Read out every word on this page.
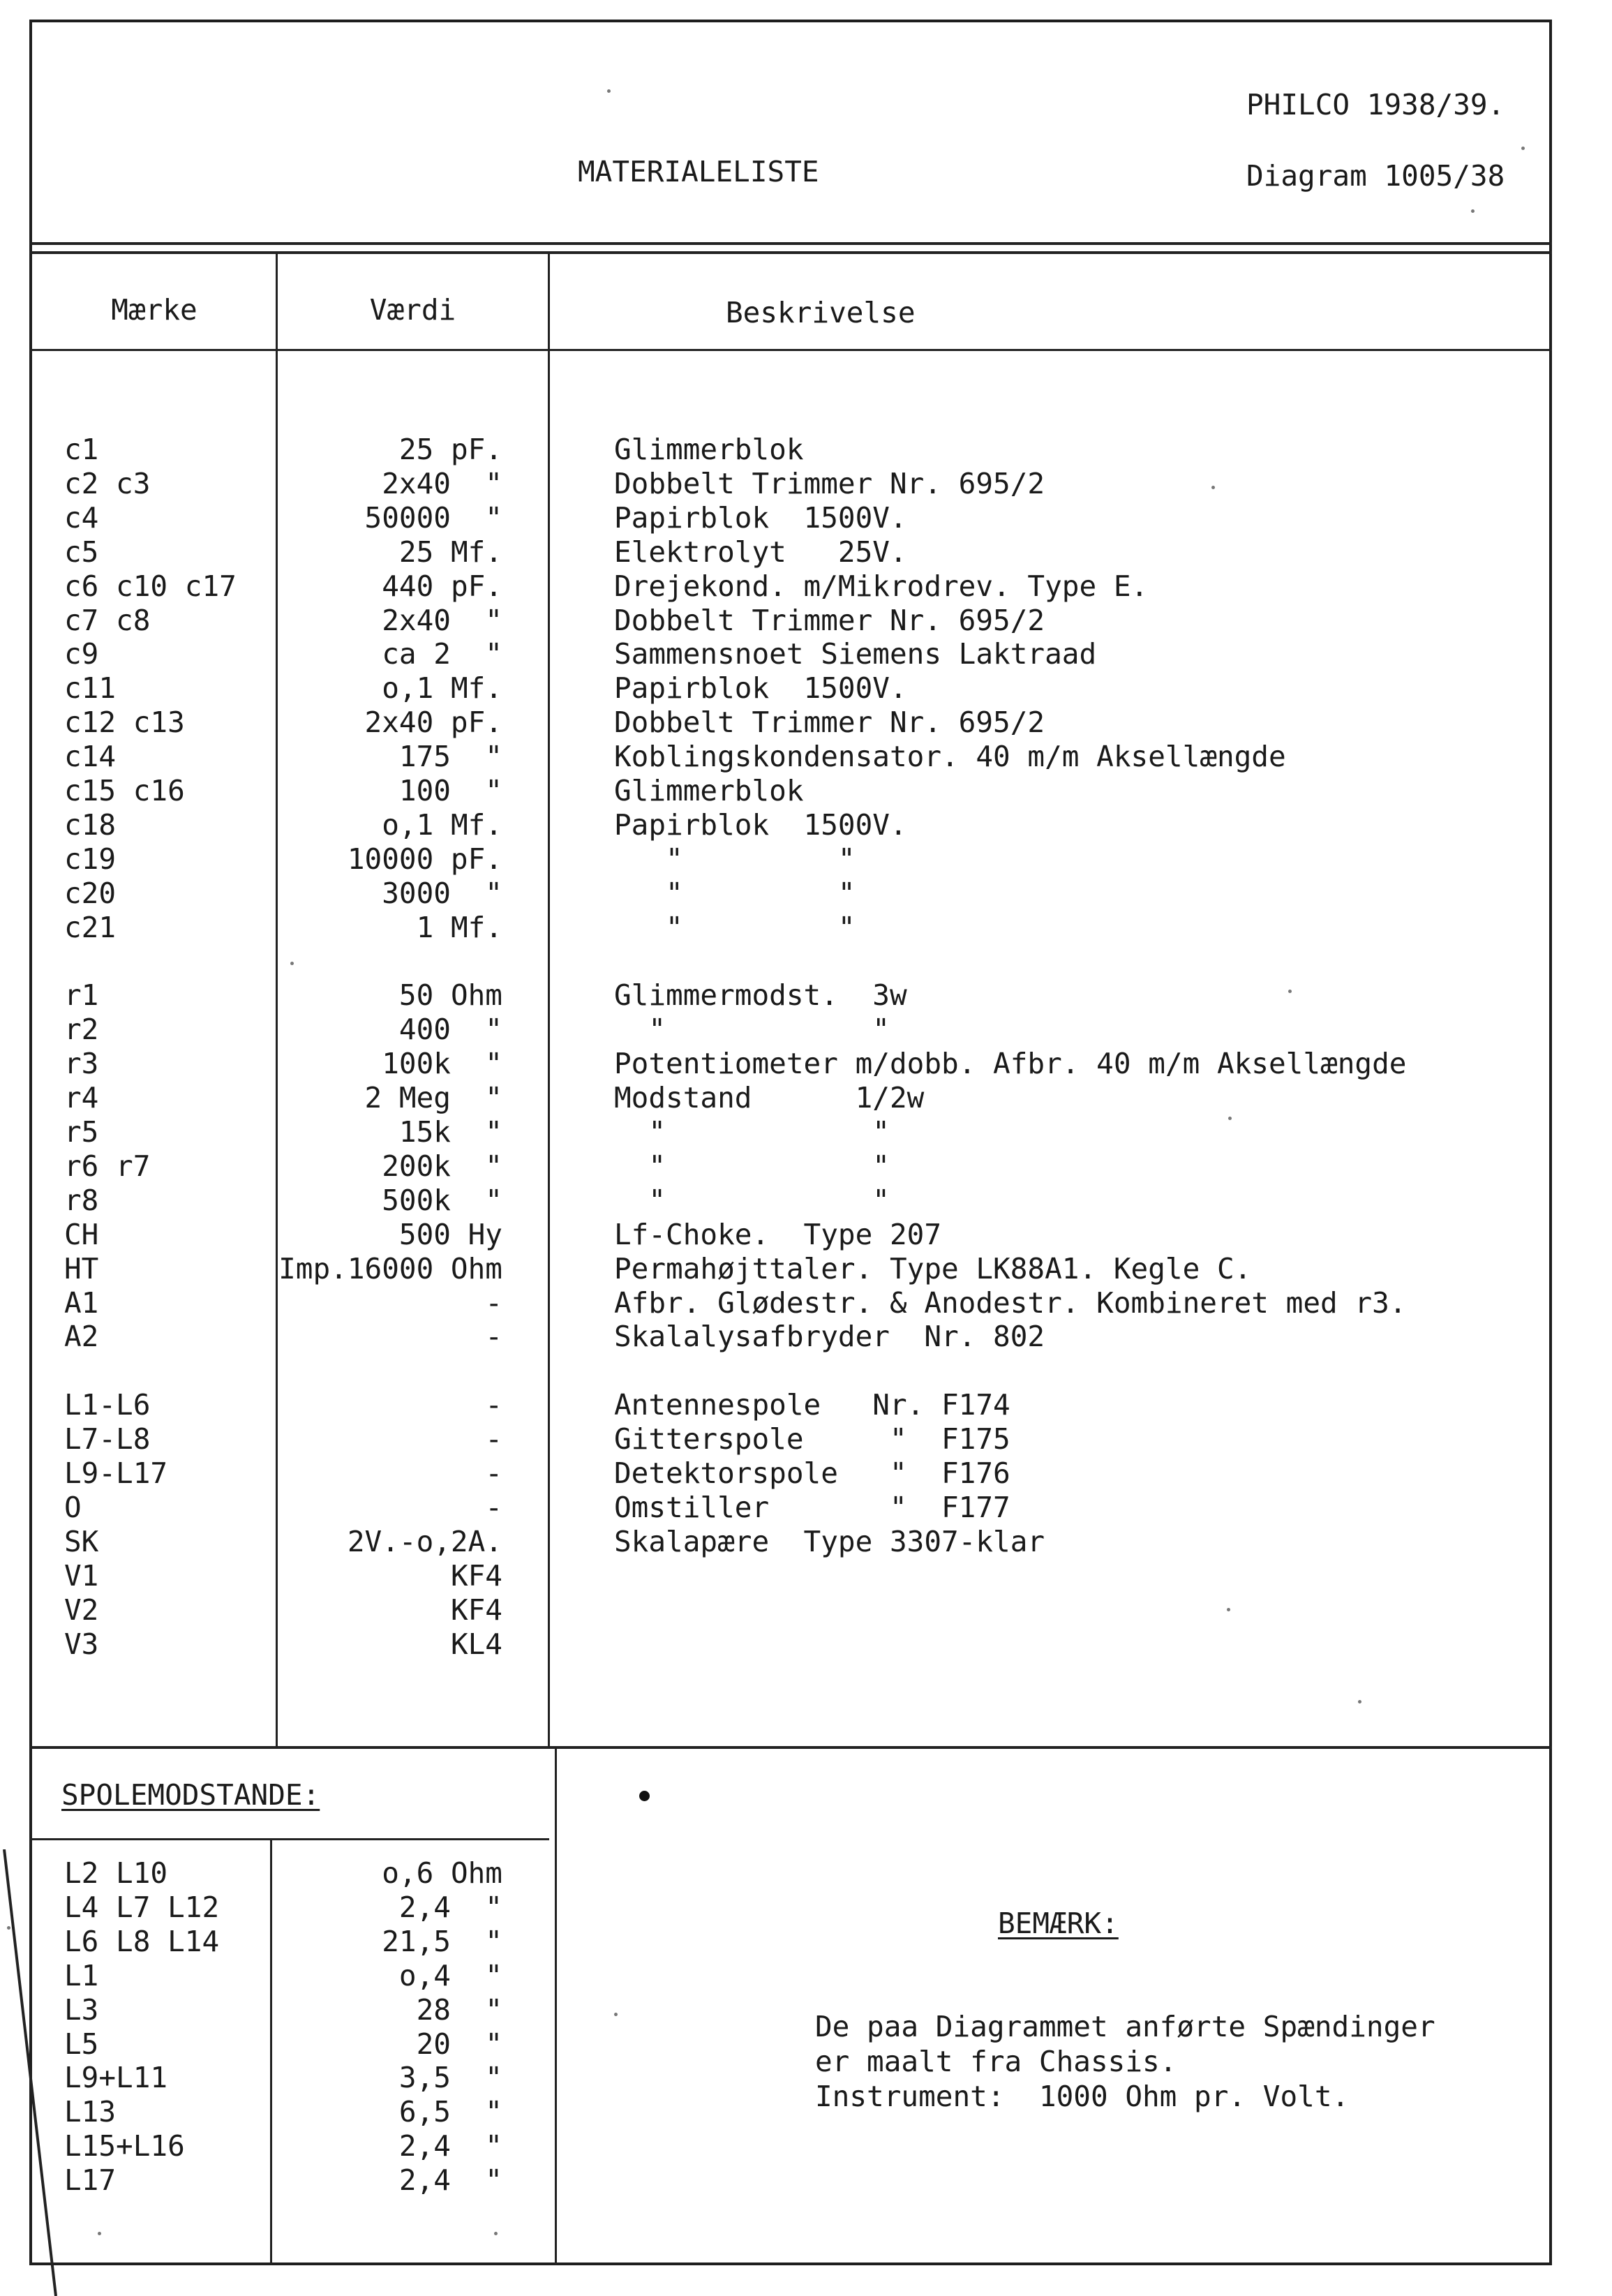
PHILCO 1938/39.
MATERIALELISTE	Diagram 1005/38
Mærke	Værdi	Beskrivelse
c1	25 pF.	Glimmerblok
c2 c3	2x40  "	Dobbelt Trimmer Nr. 695/2
c4	50000  "	Papirblok  1500V.
c5	25 Mf.	Elektrolyt   25V.
c6 c10 c17	440 pF.	Drejekond. m/Mikrodrev. Type E.
c7 c8	2x40  "	Dobbelt Trimmer Nr. 695/2
c9	ca 2  "	Sammensnoet Siemens Laktraad
c11	o,1 Mf.	Papirblok  1500V.
c12 c13	2x40 pF.	Dobbelt Trimmer Nr. 695/2
c14	175  "	Koblingskondensator. 40 m/m Aksellængde
c15 c16	100  "	Glimmerblok
c18	o,1 Mf.	Papirblok  1500V.
c19	10000 pF.	"         "
c20	3000  "	"         "
c21	1 Mf.	"         "
r1	50 Ohm	Glimmermodst.  3w
r2	400  "	"            "
r3	100k  "	Potentiometer m/dobb. Afbr. 40 m/m Aksellængde
r4	2 Meg  "	Modstand      1/2w
r5	15k  "	"            "
r6 r7	200k  "	"            "
r8	500k  "	"            "
CH	500 Hy	Lf-Choke.  Type 207
HT	Imp.16000 Ohm	Permahøjttaler. Type LK88A1. Kegle C.
A1	-	Afbr. Glødestr. & Anodestr. Kombineret med r3.
A2	-	Skalalysafbryder  Nr. 802
L1-L6	-	Antennespole   Nr. F174
L7-L8	-	Gitterspole     "  F175
L9-L17	-	Detektorspole   "  F176
O	-	Omstiller       "  F177
SK	2V.-o,2A.	Skalapære  Type 3307-klar
V1	KF4
V2	KF4
V3	KL4
SPOLEMODSTANDE:
L2 L10	o,6 Ohm
L4 L7 L12	2,4  "
L6 L8 L14	21,5  "
L1	o,4  "
L3	28  "
L5	20  "
L9+L11	3,5  "
L13	6,5  "
L15+L16	2,4  "
L17	2,4  "
BEMÆRK:
De paa Diagrammet anførte Spændinger
er maalt fra Chassis.
Instrument:  1000 Ohm pr. Volt.
